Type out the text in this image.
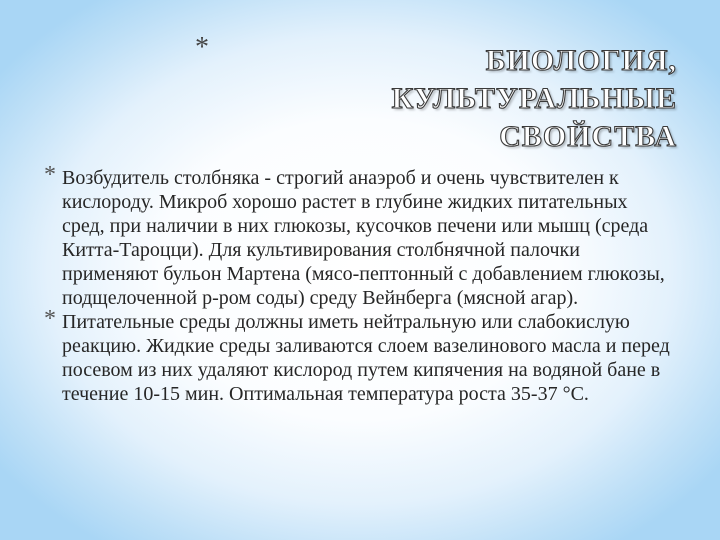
*	БИОЛОГИЯ, КУЛЬТУРАЛЬНЫЕ СВОЙСТВА
* Возбудитель столбняка - строгий анаэроб и очень чувствителен к кислороду. Микроб хорошо растет в глубине жидких питательных сред, при наличии в них глюкозы, кусочков печени или мышц (среда Китта-Тароцци). Для культивирования столбнячной палочки применяют бульон Мартена (мясо-пептонный с добавлением глюкозы, подщелоченной р-ром соды) среду Вейнберга (мясной агар).
* Питательные среды должны иметь нейтральную или слабокислую реакцию. Жидкие среды заливаются слоем вазелинового масла и перед посевом из них удаляют кислород путем кипячения на водяной бане в течение 10-15 мин. Оптимальная температура роста 35-37 °С.
